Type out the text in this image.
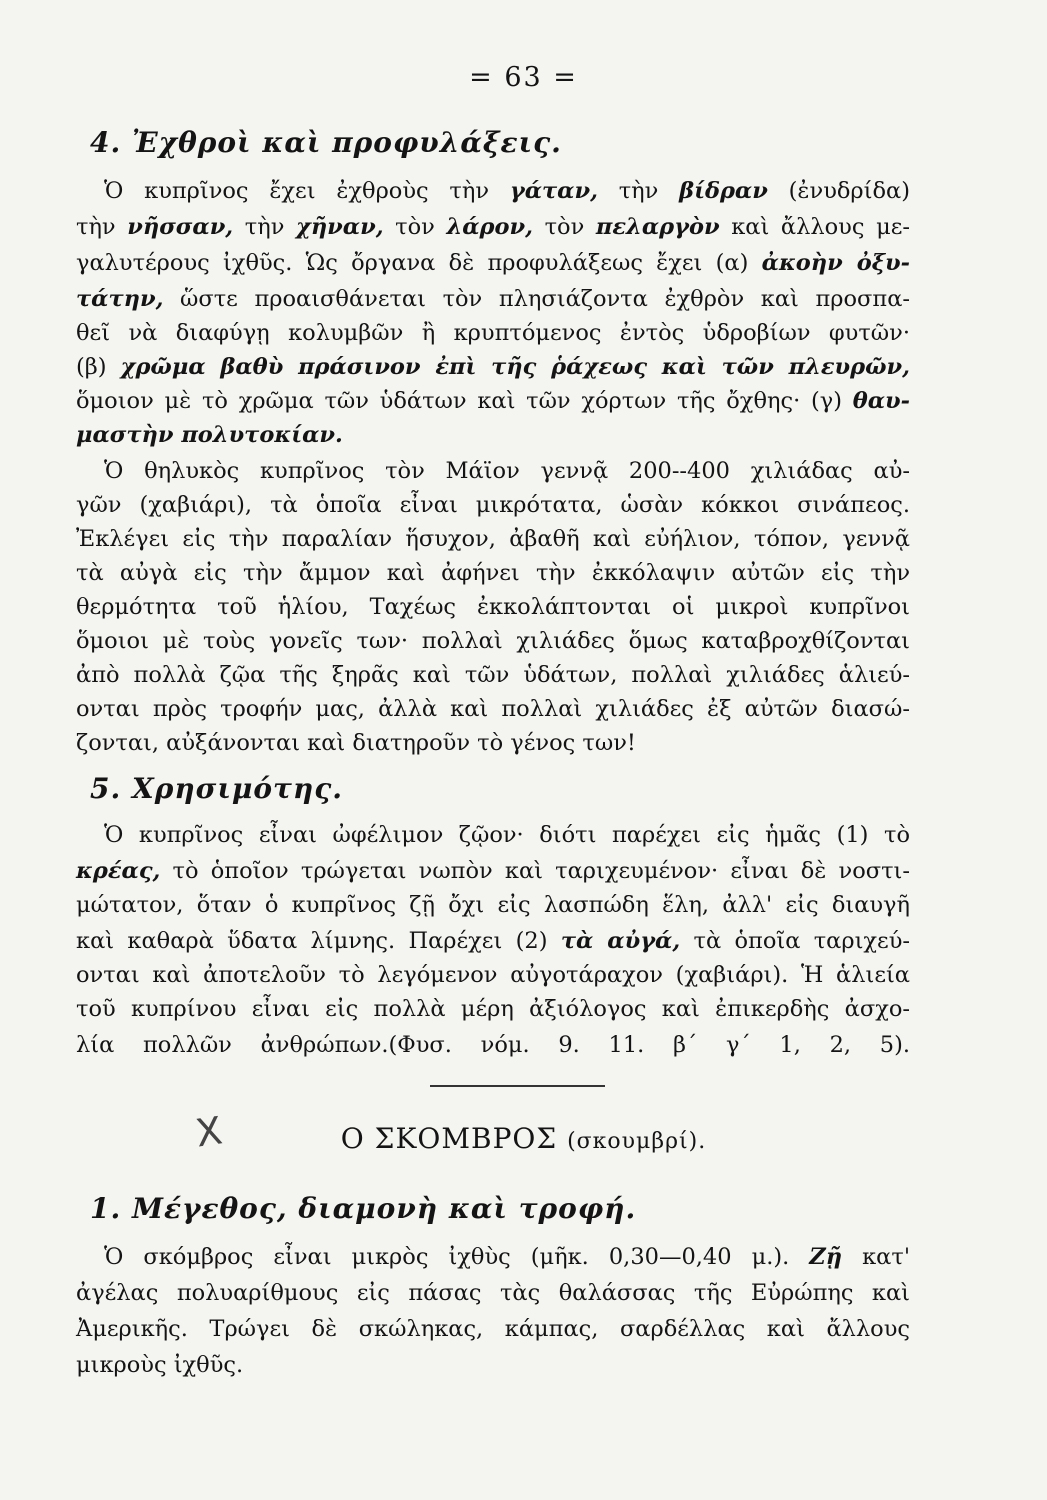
= 63 =
4. Ἐχθροὶ καὶ προφυλάξεις.
Ὁ κυπρῖνος ἔχει ἐχθροὺς τὴν γάταν, τὴν βίδραν (ἐνυδρίδα)
τὴν νῆσσαν, τὴν χῆναν, τὸν λάρον, τὸν πελαργὸν καὶ ἄλλους με-
γαλυτέρους ἰχθῦς. Ὡς ὄργανα δὲ προφυλάξεως ἔχει (α) ἀκοὴν ὀξυ-
τάτην, ὥστε προαισθάνεται τὸν πλησιάζοντα ἐχθρὸν καὶ προσπα-
θεῖ νὰ διαφύγῃ κολυμβῶν ἢ κρυπτόμενος ἐντὸς ὑδροβίων φυτῶν·
(β) χρῶμα βαθὺ πράσινον ἐπὶ τῆς ῥάχεως καὶ τῶν πλευρῶν,
ὅμοιον μὲ τὸ χρῶμα τῶν ὑδάτων καὶ τῶν χόρτων τῆς ὄχθης· (γ) θαυ-
μαστὴν πολυτοκίαν.
Ὁ θηλυκὸς κυπρῖνος τὸν Μάϊον γεννᾷ 200--400 χιλιάδας αὐ-
γῶν (χαβιάρι), τὰ ὁποῖα εἶναι μικρότατα, ὡσὰν κόκκοι σινάπεος.
Ἐκλέγει εἰς τὴν παραλίαν ἥσυχον, ἀβαθῆ καὶ εὐήλιον, τόπον, γεννᾷ
τὰ αὐγὰ εἰς τὴν ἄμμον καὶ ἀφήνει τὴν ἐκκόλαψιν αὐτῶν εἰς τὴν
θερμότητα τοῦ ἡλίου, Ταχέως ἐκκολάπτονται οἱ μικροὶ κυπρῖνοι
ὅμοιοι μὲ τοὺς γονεῖς των· πολλαὶ χιλιάδες ὅμως καταβροχθίζονται
ἀπὸ πολλὰ ζῷα τῆς ξηρᾶς καὶ τῶν ὑδάτων, πολλαὶ χιλιάδες ἁλιεύ-
ονται πρὸς τροφήν μας, ἀλλὰ καὶ πολλαὶ χιλιάδες ἐξ αὐτῶν διασώ-
ζονται, αὐξάνονται καὶ διατηροῦν τὸ γένος των!
5. Χρησιμότης.
Ὁ κυπρῖνος εἶναι ὠφέλιμον ζῷον· διότι παρέχει εἰς ἡμᾶς (1) τὸ
κρέας, τὸ ὁποῖον τρώγεται νωπὸν καὶ ταριχευμένον· εἶναι δὲ νοστι-
μώτατον, ὅταν ὁ κυπρῖνος ζῇ ὄχι εἰς λασπώδη ἕλη, ἀλλ' εἰς διαυγῆ
καὶ καθαρὰ ὕδατα λίμνης. Παρέχει (2) τὰ αὐγά, τὰ ὁποῖα ταριχεύ-
ονται καὶ ἀποτελοῦν τὸ λεγόμενον αὐγοτάραχον (χαβιάρι). Ἡ ἁλιεία
τοῦ κυπρίνου εἶναι εἰς πολλὰ μέρη ἀξιόλογος καὶ ἐπικερδὴς ἀσχο-
λία πολλῶν ἀνθρώπων.(Φυσ. νόμ. 9. 11. β΄ γ΄ 1, 2, 5).
X	Ο ΣΚΟΜΒΡΟΣ (σκουμβρί).
1. Μέγεθος, διαμονὴ καὶ τροφή.
Ὁ σκόμβρος εἶναι μικρὸς ἰχθὺς (μῆκ. 0,30—0,40 μ.). Ζῇ κατ'
ἀγέλας πολυαρίθμους εἰς πάσας τὰς θαλάσσας τῆς Εὐρώπης καὶ
Ἀμερικῆς. Τρώγει δὲ σκώληκας, κάμπας, σαρδέλλας καὶ ἄλλους
μικροὺς ἰχθῦς.
